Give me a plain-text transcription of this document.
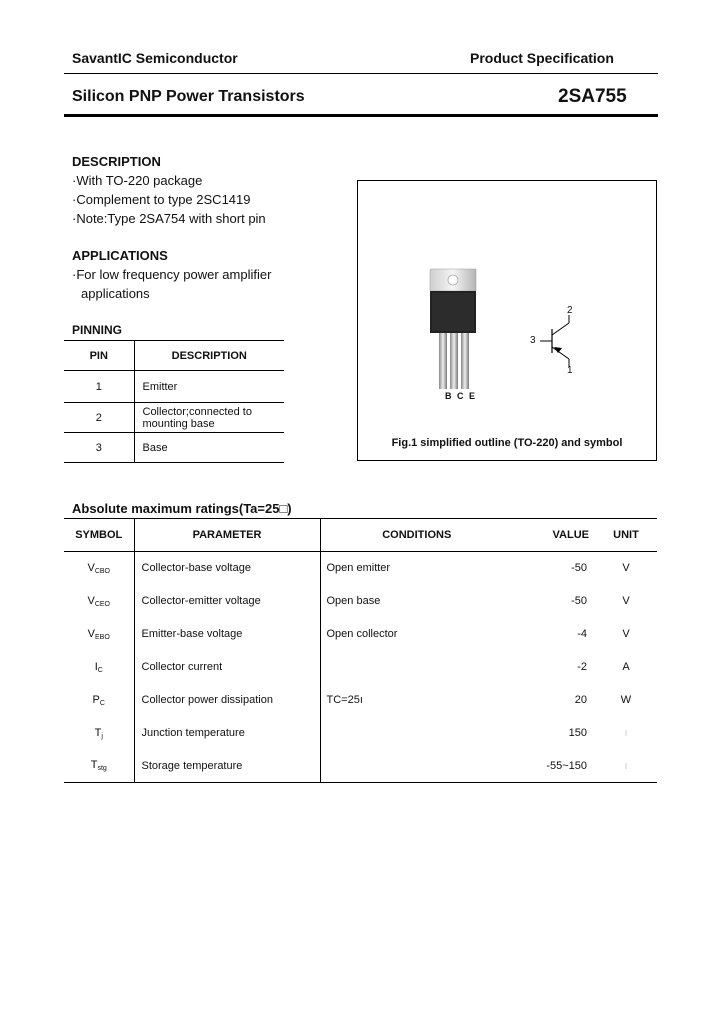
SavantIC Semiconductor	Product Specification
Silicon PNP Power Transistors	2SA755
DESCRIPTION
·With TO-220 package
·Complement to type 2SC1419
·Note:Type 2SA754 with short pin
APPLICATIONS
·For low frequency power amplifier
applications
PINNING
PIN	DESCRIPTION
1	Emitter
2	Collector;connected to
mounting base

3	Base
B C E
2
3
1
Fig.1 simplified outline (TO-220) and symbol
Absolute maximum ratings(Ta=25□)
SYMBOL	PARAMETER	CONDITIONS	VALUE	UNIT
$V_{CBO}$	Collector-base voltage	Open emitter	-50	V
$V_{CEO}$	Collector-emitter voltage	Open base	-50	V
$V_{EBO}$	Emitter-base voltage	Open collector	-4	V
$I_C$	Collector current		-2	A
$P_C$	Collector power dissipation	T⁣C=25ı	20	W
$T_j$	Junction temperature		150	ı
$T_{stg}$	Storage temperature		-55~150	ı
